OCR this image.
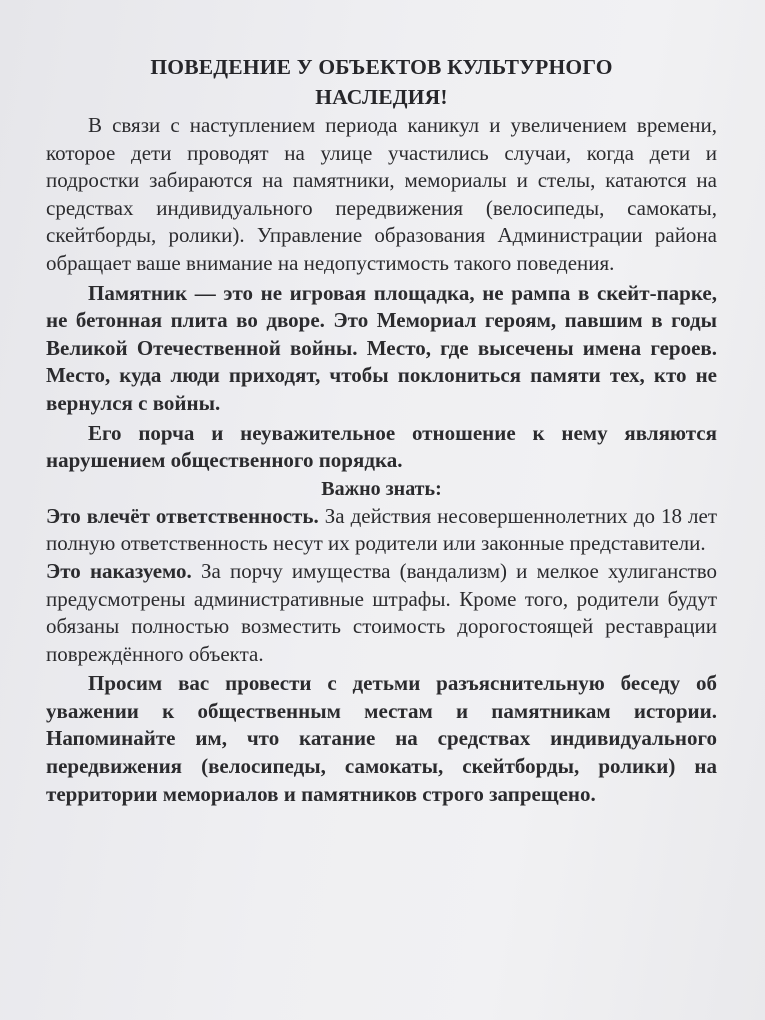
ПОВЕДЕНИЕ У ОБЪЕКТОВ КУЛЬТУРНОГО
НАСЛЕДИЯ!

В связи с наступлением периода каникул и увеличением времени, которое дети проводят на улице участились случаи, когда дети и подростки забираются на памятники, мемориалы и стелы, катаются на средствах индивидуального передвижения (велосипеды, самокаты, скейтборды, ролики). Управление образования Администрации района обращает ваше внимание на недопустимость такого поведения.

Памятник — это не игровая площадка, не рампа в скейт-парке, не бетонная плита во дворе. Это Мемориал героям, павшим в годы Великой Отечественной войны. Место, где высечены имена героев. Место, куда люди приходят, чтобы поклониться памяти тех, кто не вернулся с войны.

Его порча и неуважительное отношение к нему являются нарушением общественного порядка.

Важно знать:

Это влечёт ответственность. За действия несовершеннолетних до 18 лет полную ответственность несут их родители или законные представители.

Это наказуемо. За порчу имущества (вандализм) и мелкое хулиганство предусмотрены административные штрафы. Кроме того, родители будут обязаны полностью возместить стоимость дорогостоящей реставрации повреждённого объекта.

Просим вас провести с детьми разъяснительную беседу об уважении к общественным местам и памятникам истории. Напоминайте им, что катание на средствах индивидуального передвижения (велосипеды, самокаты, скейтборды, ролики) на территории мемориалов и памятников строго запрещено.
